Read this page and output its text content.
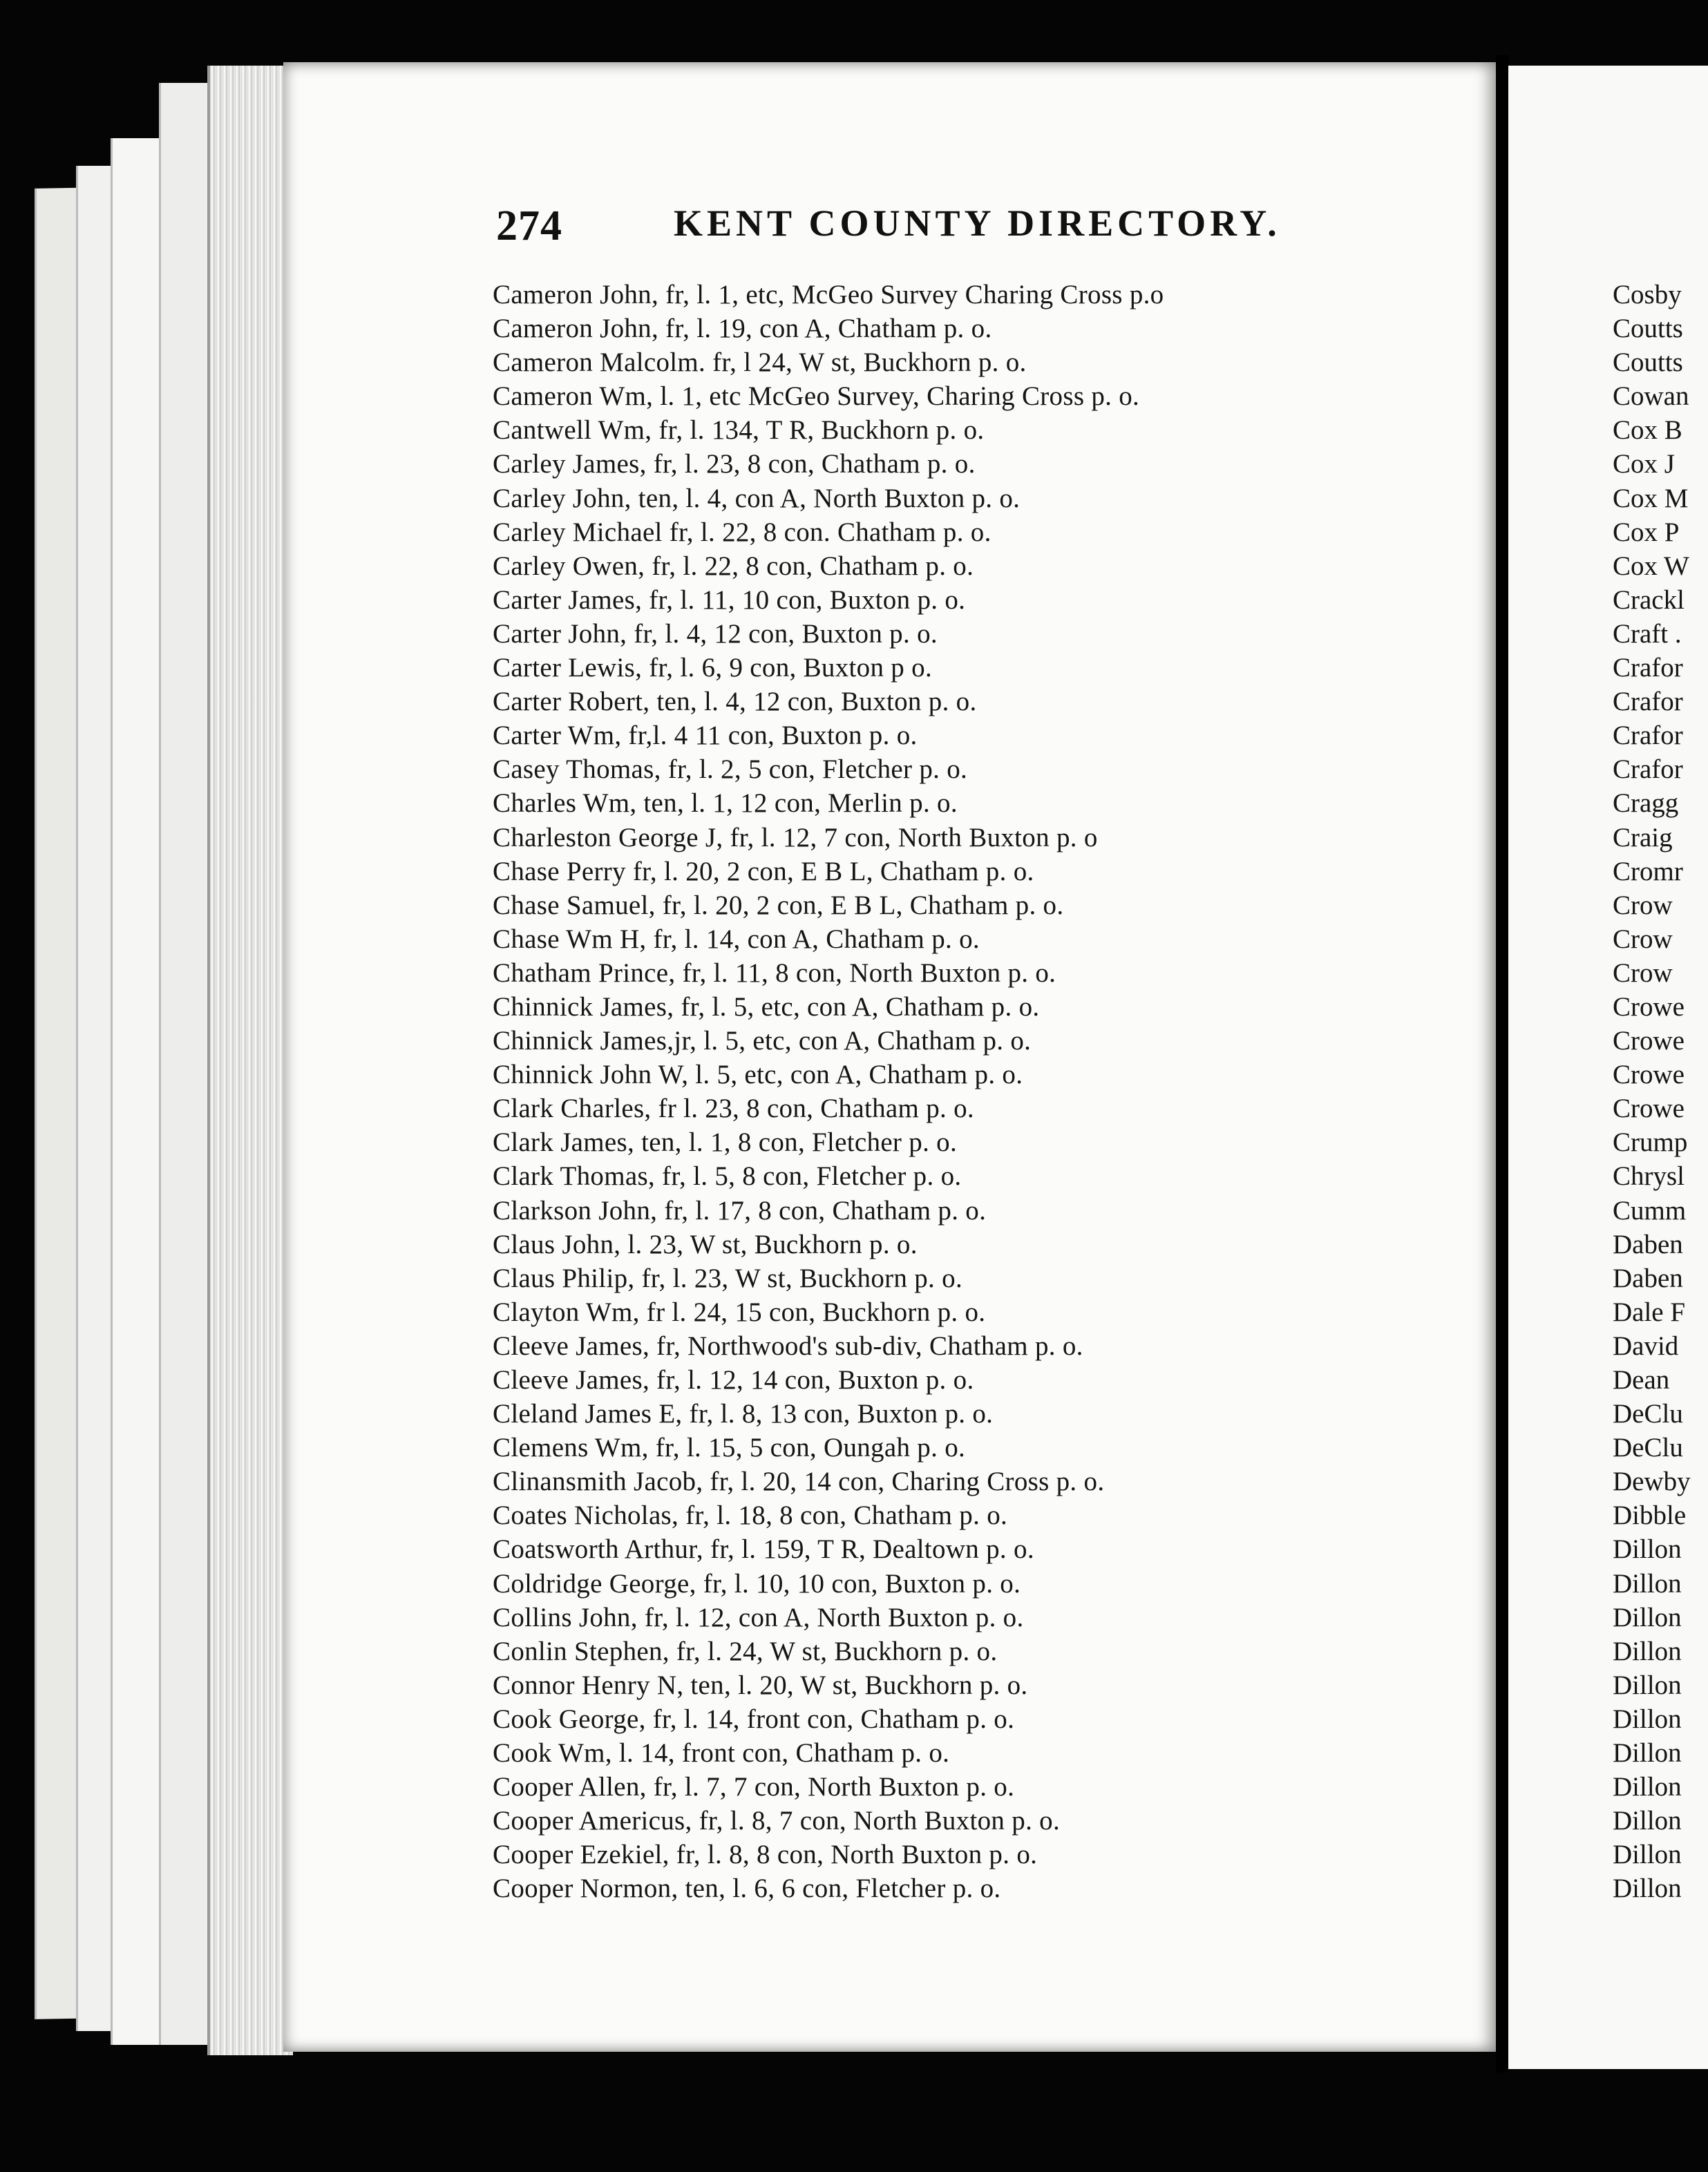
274	KENT COUNTY DIRECTORY.
Cameron John, fr, l. 1, etc, McGeo Survey Charing Cross p.o
Cameron John, fr, l. 19, con A, Chatham p. o.
Cameron Malcolm. fr, l 24, W st, Buckhorn p. o.
Cameron Wm, l. 1, etc McGeo Survey, Charing Cross p. o.
Cantwell Wm, fr, l. 134, T R, Buckhorn p. o.
Carley James, fr, l. 23, 8 con, Chatham p. o.
Carley John, ten, l. 4, con A, North Buxton p. o.
Carley Michael fr, l. 22, 8 con. Chatham p. o.
Carley Owen, fr, l. 22, 8 con, Chatham p. o.
Carter James, fr, l. 11, 10 con, Buxton p. o.
Carter John, fr, l. 4, 12 con, Buxton p. o.
Carter Lewis, fr, l. 6, 9 con, Buxton p o.
Carter Robert, ten, l. 4, 12 con, Buxton p. o.
Carter Wm, fr,l. 4 11 con, Buxton p. o.
Casey Thomas, fr, l. 2, 5 con, Fletcher p. o.
Charles Wm, ten, l. 1, 12 con, Merlin p. o.
Charleston George J, fr, l. 12, 7 con, North Buxton p. o
Chase Perry fr, l. 20, 2 con, E B L, Chatham p. o.
Chase Samuel, fr, l. 20, 2 con, E B L, Chatham p. o.
Chase Wm H, fr, l. 14, con A, Chatham p. o.
Chatham Prince, fr, l. 11, 8 con, North Buxton p. o.
Chinnick James, fr, l. 5, etc, con A, Chatham p. o.
Chinnick James,jr, l. 5, etc, con A, Chatham p. o.
Chinnick John W, l. 5, etc, con A, Chatham p. o.
Clark Charles, fr l. 23, 8 con, Chatham p. o.
Clark James, ten, l. 1, 8 con, Fletcher p. o.
Clark Thomas, fr, l. 5, 8 con, Fletcher p. o.
Clarkson John, fr, l. 17, 8 con, Chatham p. o.
Claus John, l. 23, W st, Buckhorn p. o.
Claus Philip, fr, l. 23, W st, Buckhorn p. o.
Clayton Wm, fr l. 24, 15 con, Buckhorn p. o.
Cleeve James, fr, Northwood's sub-div, Chatham p. o.
Cleeve James, fr, l. 12, 14 con, Buxton p. o.
Cleland James E, fr, l. 8, 13 con, Buxton p. o.
Clemens Wm, fr, l. 15, 5 con, Oungah p. o.
Clinansmith Jacob, fr, l. 20, 14 con, Charing Cross p. o.
Coates Nicholas, fr, l. 18, 8 con, Chatham p. o.
Coatsworth Arthur, fr, l. 159, T R, Dealtown p. o.
Coldridge George, fr, l. 10, 10 con, Buxton p. o.
Collins John, fr, l. 12, con A, North Buxton p. o.
Conlin Stephen, fr, l. 24, W st, Buckhorn p. o.
Connor Henry N, ten, l. 20, W st, Buckhorn p. o.
Cook George, fr, l. 14, front con, Chatham p. o.
Cook Wm, l. 14, front con, Chatham p. o.
Cooper Allen, fr, l. 7, 7 con, North Buxton p. o.
Cooper Americus, fr, l. 8, 7 con, North Buxton p. o.
Cooper Ezekiel, fr, l. 8, 8 con, North Buxton p. o.
Cooper Normon, ten, l. 6, 6 con, Fletcher p. o.
Cosby
Coutts
Coutts
Cowan
Cox B
Cox J
Cox M
Cox P
Cox W
Crackl
Craft .
Crafor
Crafor
Crafor
Crafor
Cragg
Craig
Cromr
Crow
Crow
Crow
Crowe
Crowe
Crowe
Crowe
Crump
Chrysl
Cumm
Daben
Daben
Dale F
David
Dean
DeClu
DeClu
Dewby
Dibble
Dillon
Dillon
Dillon
Dillon
Dillon
Dillon
Dillon
Dillon
Dillon
Dillon
Dillon
